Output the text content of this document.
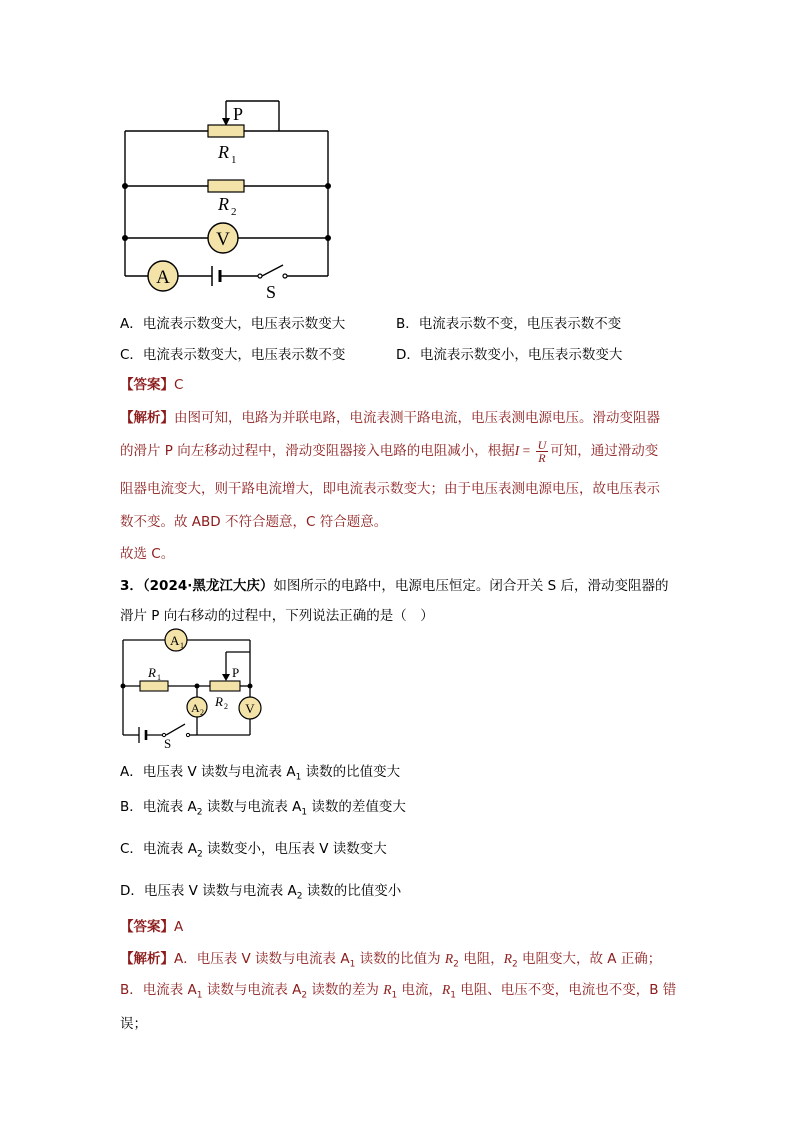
V
A
P
R 1
R 2
S
A．电流表示数变大，电压表示数变大	B．电流表示数不变，电压表示数不变
C．电流表示数变大，电压表示数不变	D．电流表示数变小，电压表示数变大
【答案】C
【解析】由图可知，电路为并联电路，电流表测干路电流，电压表测电源电压。滑动变阻器
的滑片 P 向左移动过程中，滑动变阻器接入电路的电阻减小，根据$I = \frac{U}{R}$ 可知，通过滑动变
阻器电流变大，则干路电流增大，即电流表示数变大；由于电压表测电源电压，故电压表示
数不变。故 ABD 不符合题意，C 符合题意。
故选 C。
3．（2024·黑龙江大庆）如图所示的电路中，电源电压恒定。闭合开关 S 后，滑动变阻器的
滑片 P 向右移动的过程中，下列说法正确的是（　）
A 1
A 2	V
R 1
R 2
P
S
A．电压表 V 读数与电流表 $A_1$ 读数的比值变大
B．电流表 $A_2$ 读数与电流表 $A_1$ 读数的差值变大
C．电流表 $A_2$ 读数变小，电压表 V 读数变大
D．电压表 V 读数与电流表 $A_2$ 读数的比值变小
【答案】A
【解析】A．电压表 V 读数与电流表 $A_1$ 读数的比值为 $R_2$ 电阻，$R_2$ 电阻变大，故 A 正确；
B．电流表 $A_1$ 读数与电流表 $A_2$ 读数的差为 $R_1$ 电流，$R_1$ 电阻、电压不变，电流也不变，B 错
误；
